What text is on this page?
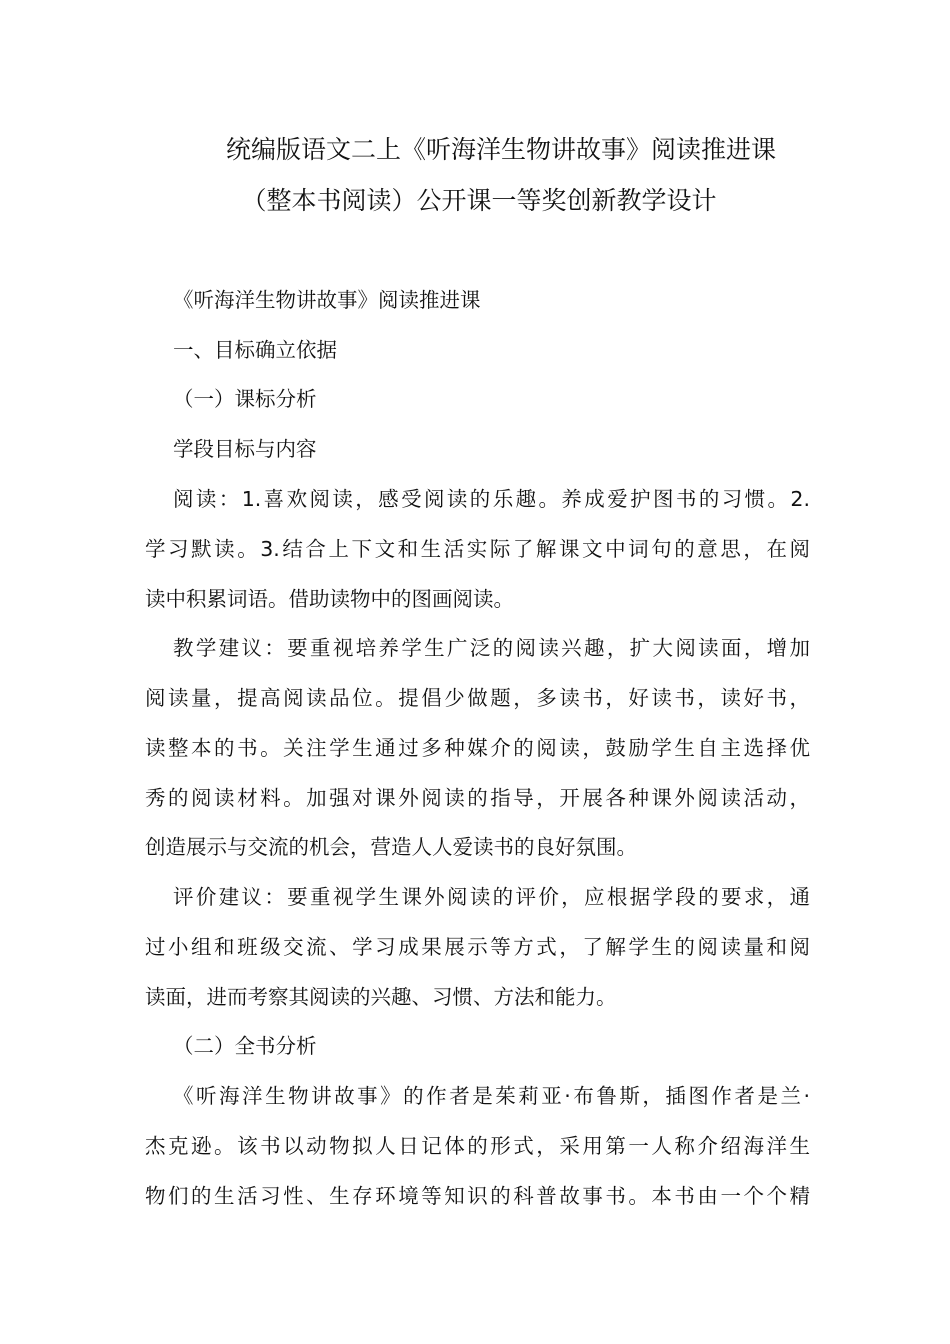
统编版语文二上《听海洋生物讲故事》阅读推进课
（整本书阅读）公开课一等奖创新教学设计
《听海洋生物讲故事》阅读推进课
一、目标确立依据
（一）课标分析
学段目标与内容
阅读：1.喜欢阅读，感受阅读的乐趣。养成爱护图书的习惯。2.
学习默读。3.结合上下文和生活实际了解课文中词句的意思，在阅
读中积累词语。借助读物中的图画阅读。
教学建议：要重视培养学生广泛的阅读兴趣，扩大阅读面，增加
阅读量，提高阅读品位。提倡少做题，多读书，好读书，读好书，
读整本的书。关注学生通过多种媒介的阅读，鼓励学生自主选择优
秀的阅读材料。加强对课外阅读的指导，开展各种课外阅读活动，
创造展示与交流的机会，营造人人爱读书的良好氛围。
评价建议：要重视学生课外阅读的评价，应根据学段的要求，通
过小组和班级交流、学习成果展示等方式，了解学生的阅读量和阅
读面，进而考察其阅读的兴趣、习惯、方法和能力。
（二）全书分析
《听海洋生物讲故事》的作者是茱莉亚·布鲁斯，插图作者是兰·
杰克逊。该书以动物拟人日记体的形式，采用第一人称介绍海洋生
物们的生活习性、生存环境等知识的科普故事书。本书由一个个精
